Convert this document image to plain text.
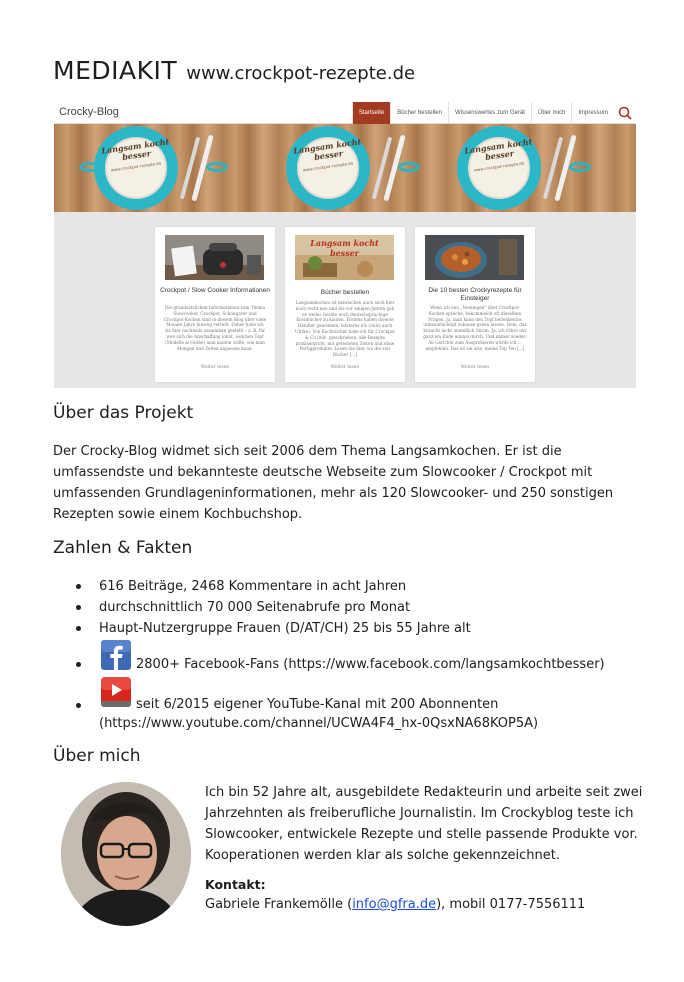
MEDIAKIT www.crockpot-rezepte.de
Crocky-Blog	Startseite	Bücher bestellen	Wissenswertes zum Gerät	Über mich	Impressum
Langsam kocht besser
www.crockpot-rezepte.de
Langsam kocht besser
www.crockpot-rezepte.de
Langsam kocht besser
www.crockpot-rezepte.de
Crockpot / Slow Cooker Informationen
Die grundsätzlichen Informationen zum Thema Slowcooker, Crockpot, Schongarer und Crockpot-Kochen sind in diesem Blog über viele Monate Jahre hinweg verteilt. Daher habe ich sie hier nochmals zusammen gestellt – z. B. für wen sich die Anschaffung lohnt, welchen Topf (Modelle & Größe) man kaufen sollte, wie man Mengen und Zeiten anpassen kann.
Weiter lesen
Langsam kocht besser
Bücher bestellen
Langsamkochen ist inzwischen auch auch hier noch recht neu und bis vor einigen Jahren gab es weder Geräte noch deutschsprachige Kochbücher zu kaufen. Erstens haben diverse Händler gewonnen, letzteres ich (teils) auch Ulrike). Von Kochbücher habe ich für Crockpot & Co (mit- )geschrieben, alle Rezepte praxiserprobt, mit getesteten Zeiten und ohne Fertigprodukte. Lesen Sie hier, wo die vier Bücher [...]
Weiter lesen
Die 10 besten Crockyrezepte für Einsteiger
Wenn ich neu „Neulingen" über Crockpot-Kochen spreche, bekommeich oft dieselben Fragen. Ja, man kann den Topf bedenkenlos unbeaufsichtigt zuhause gesen lassen. Nein, das braucht nicht unendlich Strom. Ja, ich rühre nur ganz am Ende einmal durch. Und immer wieder: Ab Gerichte zum Ausprobieren würde ich ... empfehlen. Das ist sie also, meine Top Ten [...]
Weiter lesen
Über das Projekt
Der Crocky-Blog widmet sich seit 2006 dem Thema Langsamkochen. Er ist die umfassendste und bekannteste deutsche Webseite zum Slowcooker / Crockpot mit umfassenden Grundlageninformationen, mehr als 120 Slowcooker- und 250 sonstigen Rezepten sowie einem Kochbuchshop.
Zahlen & Fakten
616 Beiträge, 2468 Kommentare in acht Jahren
durchschnittlich 70 000 Seitenabrufe pro Monat
Haupt-Nutzergruppe Frauen (D/AT/CH) 25 bis 55 Jahre alt
2800+ Facebook-Fans (https://www.facebook.com/langsamkochtbesser)
seit 6/2015 eigener YouTube-Kanal mit 200 Abonnenten
(https://www.youtube.com/channel/UCWA4F4_hx-0QsxNA68KOP5A)
Über mich
Ich bin 52 Jahre alt, ausgebildete Redakteurin und arbeite seit zwei Jahrzehnten als freiberufliche Journalistin. Im Crockyblog teste ich Slowcooker, entwickele Rezepte und stelle passende Produkte vor. Kooperationen werden klar als solche gekennzeichnet.
Kontakt:
Gabriele Frankemölle (info@gfra.de), mobil 0177-7556111
